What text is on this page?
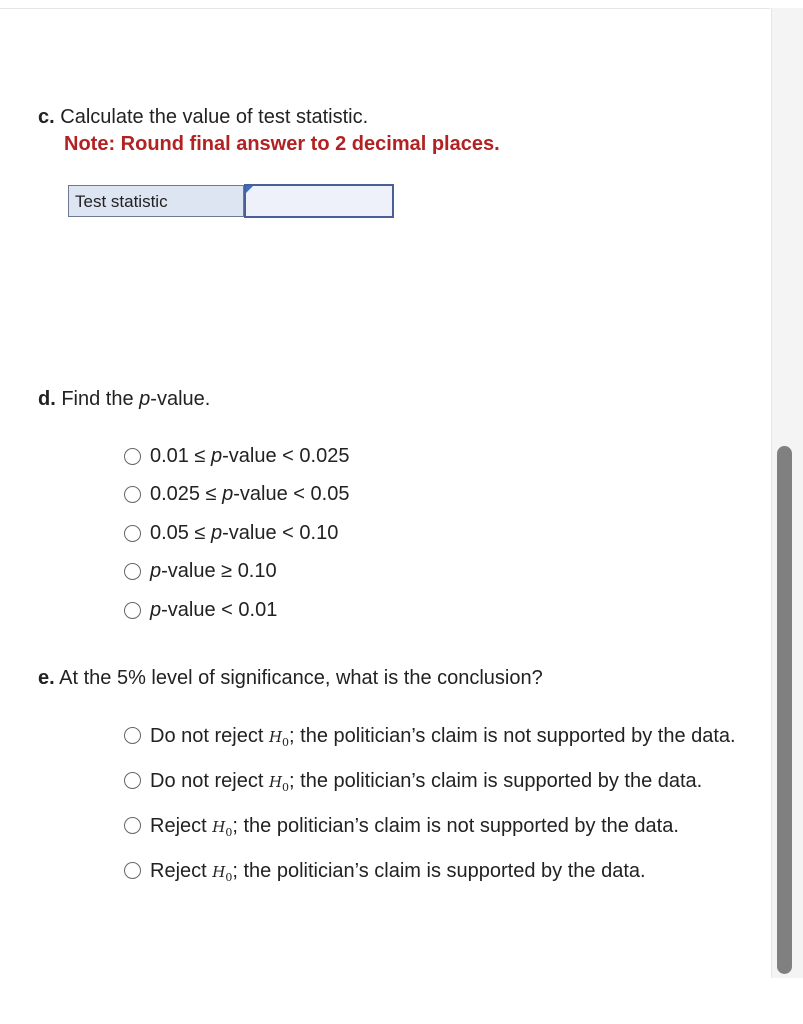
c. Calculate the value of test statistic.
Note: Round final answer to 2 decimal places.
Test statistic
d. Find the p-value.
0.01 ≤ p-value < 0.025
0.025 ≤ p-value < 0.05
0.05 ≤ p-value < 0.10
p-value ≥ 0.10
p-value < 0.01
e. At the 5% level of significance, what is the conclusion?
Do not reject $H_0$; the politician’s claim is not supported by the data.
Do not reject $H_0$; the politician’s claim is supported by the data.
Reject $H_0$; the politician’s claim is not supported by the data.
Reject $H_0$; the politician’s claim is supported by the data.
